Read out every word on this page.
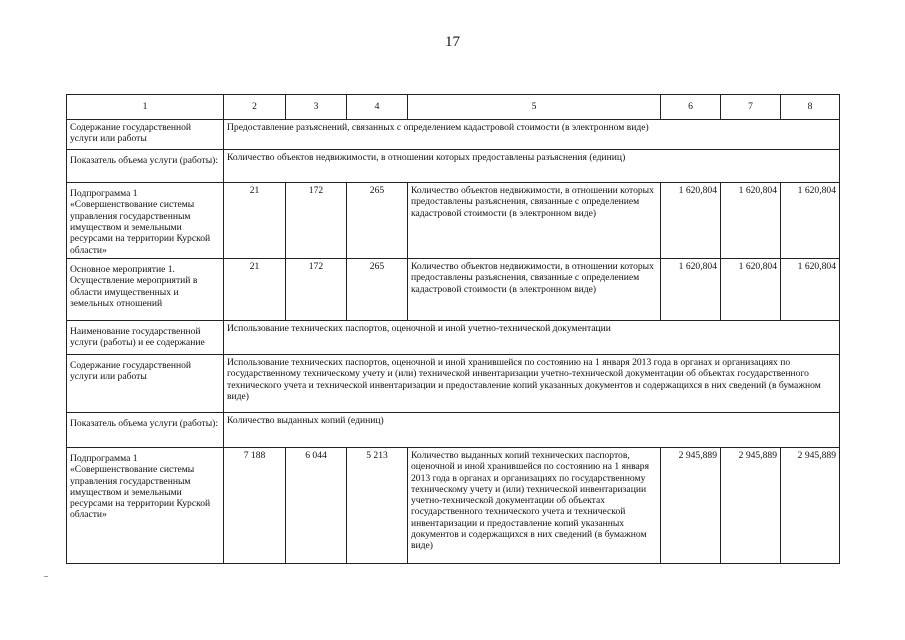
17
1	2	3	4	5	6	7	8
Содержание государственной услуги или работы	Предоставление разъяснений, связанных с определением кадастровой стоимости (в электронном виде)						
Показатель объема услуги (работы):	Количество объектов недвижимости, в отношении которых предоставлены разъяснения (единиц)						
Подпрограмма 1 «Совершенствование системы управления государственным имуществом и земельными ресурсами на территории Курской области»	21	172	265	Количество объектов недвижимости, в отношении которых предоставлены разъяснения, связанные с определением кадастровой стоимости (в электронном виде)	1 620,804	1 620,804	1 620,804
Основное мероприятие 1. Осуществление мероприятий в области имущественных и земельных отношений	21	172	265	Количество объектов недвижимости, в отношении которых предоставлены разъяснения, связанные с определением кадастровой стоимости (в электронном виде)	1 620,804	1 620,804	1 620,804
Наименование государственной услуги (работы) и ее содержание	Использование технических паспортов, оценочной и иной учетно-технической документации						
Содержание государственной услуги или работы	Использование технических паспортов, оценочной и иной хранившейся по состоянию на 1 января 2013 года в органах и организациях по государственному техническому учету и (или) технической инвентаризации учетно-технической документации об объектах государственного технического учета и технической инвентаризации и предоставление копий указанных документов и содержащихся в них сведений (в бумажном виде)						
Показатель объема услуги (работы):	Количество выданных копий (единиц)						
Подпрограмма 1 «Совершенствование системы управления государственным имуществом и земельными ресурсами на территории Курской области»	7 188	6 044	5 213	Количество выданных копий технических паспортов, оценочной и иной хранившейся по состоянию на 1 января 2013 года в органах и организациях по государственному техническому учету и (или) технической инвентаризации учетно-технической документации об объектах государственного технического учета и технической инвентаризации и предоставление копий указанных документов и содержащихся в них сведений (в бумажном виде)	2 945,889	2 945,889	2 945,889
